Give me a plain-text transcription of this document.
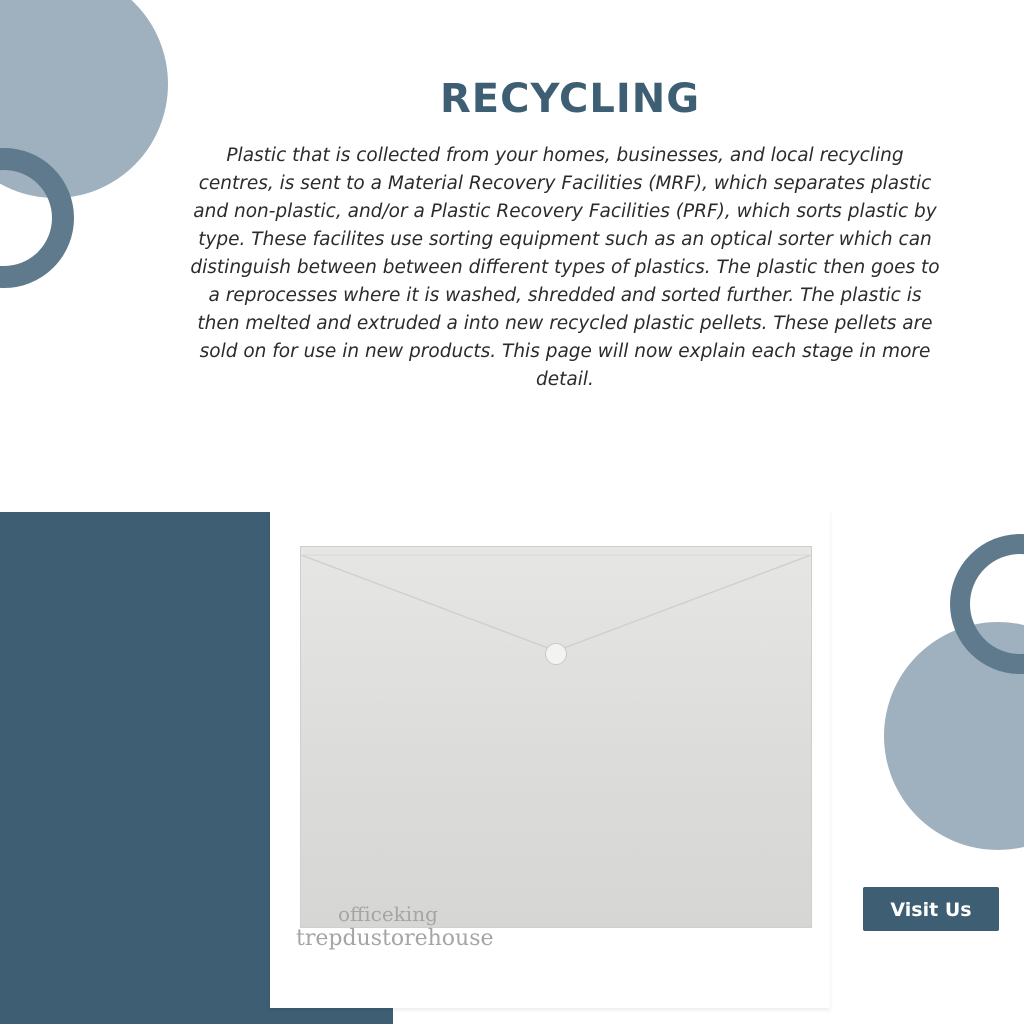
RECYCLING

Plastic that is collected from your homes, businesses, and local recycling centres, is sent to a Material Recovery Facilities (MRF), which separates plastic and non-plastic, and/or a Plastic Recovery Facilities (PRF), which sorts plastic by type. These facilites use sorting equipment such as an optical sorter which can distinguish between between different types of plastics. The plastic then goes to a reprocesses where it is washed, shredded and sorted further. The plastic is then melted and extruded a into new recycled plastic pellets. These pellets are sold on for use in new products. This page will now explain each stage in more detail.

officeking
trepdustorehouse
Visit Us
